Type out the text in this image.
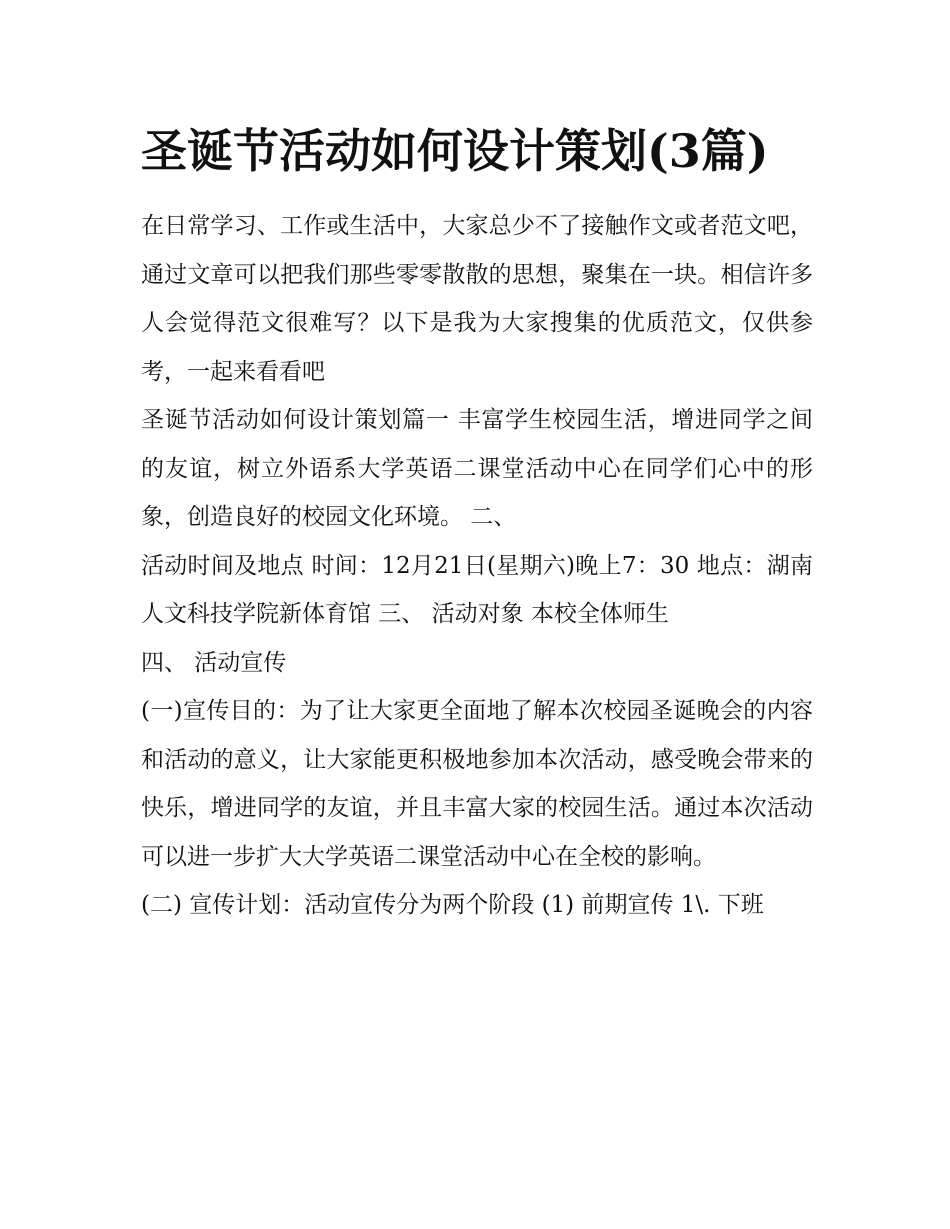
圣诞节活动如何设计策划(3篇)

在日常学习、工作或生活中，大家总少不了接触作文或者范文吧，通过文章可以把我们那些零零散散的思想，聚集在一块。相信许多人会觉得范文很难写？以下是我为大家搜集的优质范文，仅供参考，一起来看看吧

圣诞节活动如何设计策划篇一 丰富学生校园生活，增进同学之间的友谊，树立外语系大学英语二课堂活动中心在同学们心中的形象，创造良好的校园文化环境。 二、

活动时间及地点 时间：12月21日(星期六)晚上7：30 地点：湖南人文科技学院新体育馆 三、 活动对象 本校全体师生

四、 活动宣传

(一)宣传目的：为了让大家更全面地了解本次校园圣诞晚会的内容和活动的意义，让大家能更积极地参加本次活动，感受晚会带来的快乐，增进同学的友谊，并且丰富大家的校园生活。通过本次活动可以进一步扩大大学英语二课堂活动中心在全校的影响。

(二) 宣传计划：活动宣传分为两个阶段 (1) 前期宣传 1\. 下班
